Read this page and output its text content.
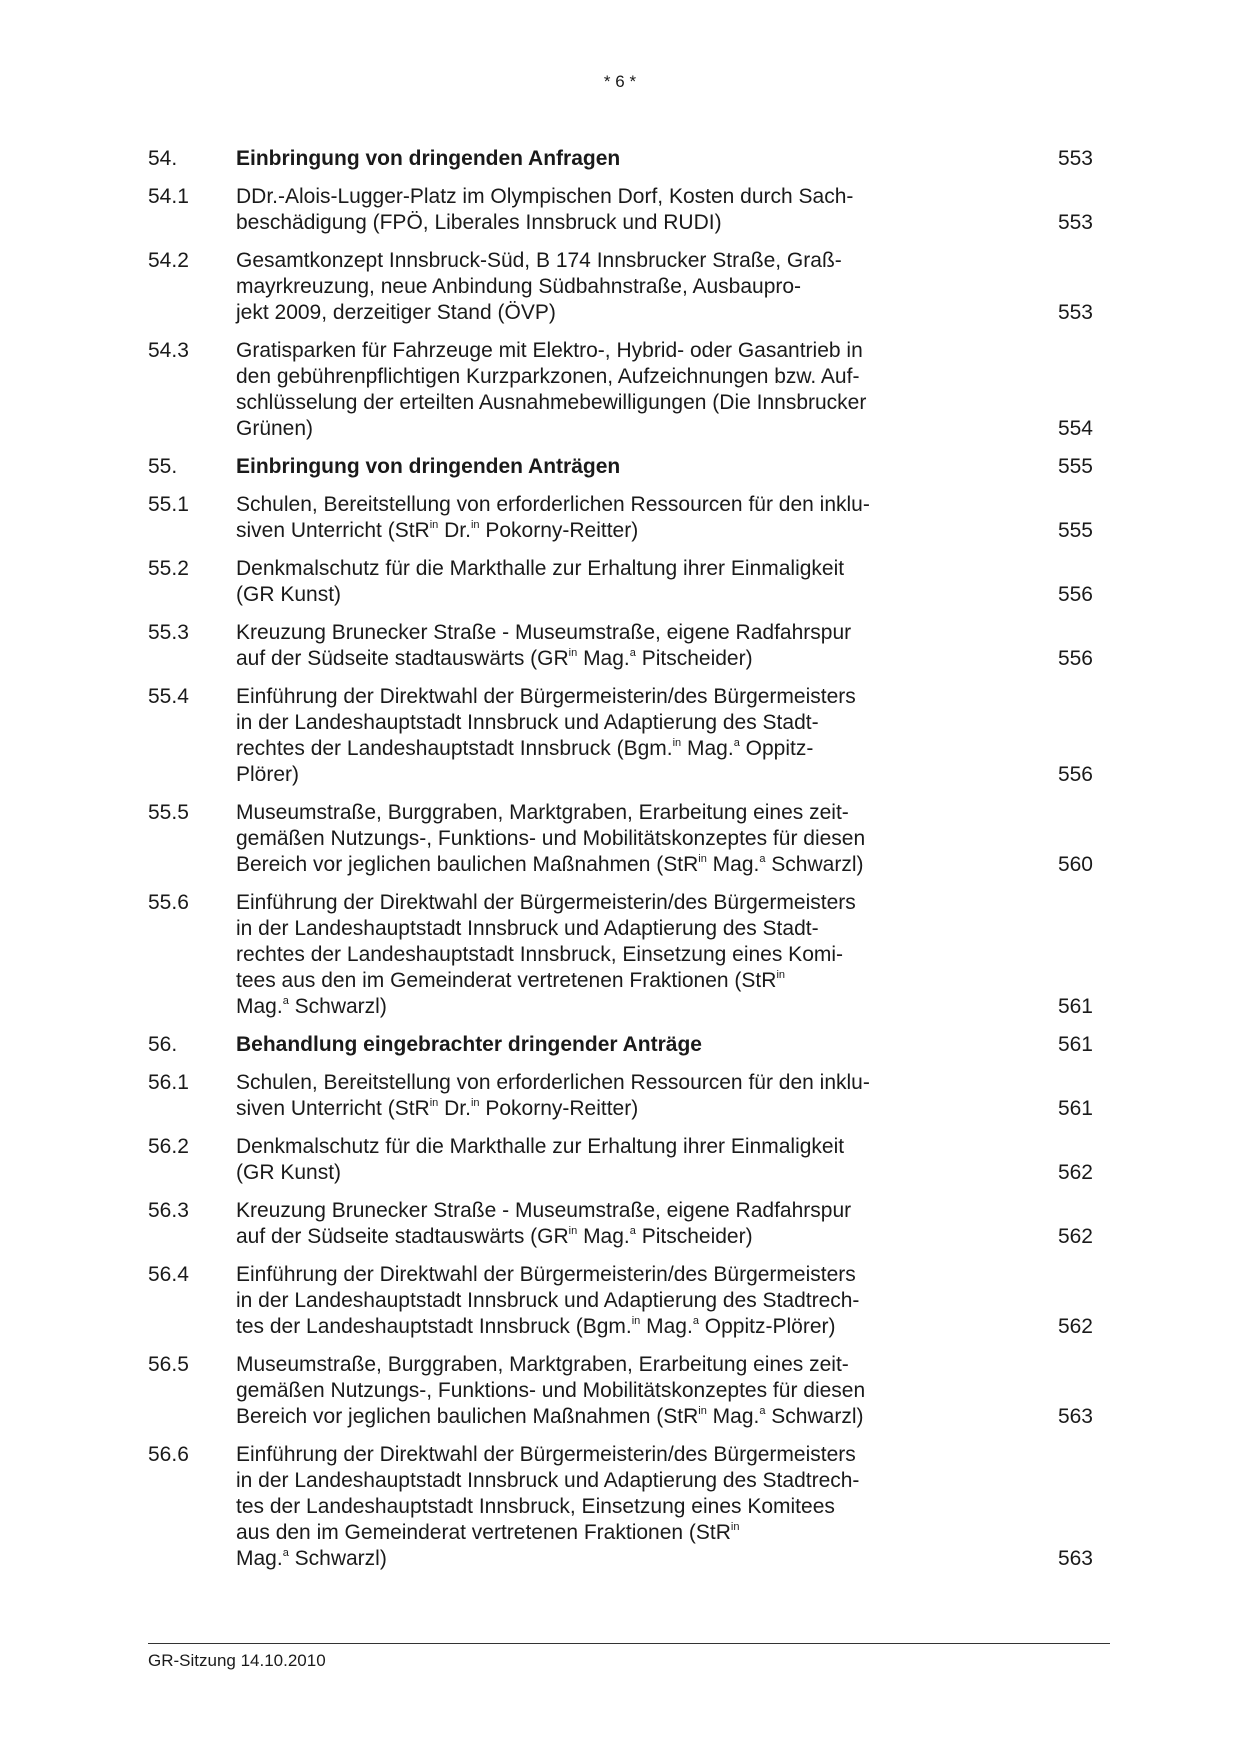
* 6 *
54.	Einbringung von dringenden Anfragen	553
54.1	DDr.-Alois-Lugger-Platz im Olympischen Dorf, Kosten durch Sach-
beschädigung (FPÖ, Liberales Innsbruck und RUDI)	553
54.2	Gesamtkonzept Innsbruck-Süd, B 174 Innsbrucker Straße, Graß-
mayrkreuzung, neue Anbindung Südbahnstraße, Ausbaupro-
jekt 2009, derzeitiger Stand (ÖVP)	553
54.3	Gratisparken für Fahrzeuge mit Elektro-, Hybrid- oder Gasantrieb in
den gebührenpflichtigen Kurzparkzonen, Aufzeichnungen bzw. Auf-
schlüsselung der erteilten Ausnahmebewilligungen (Die Innsbrucker
Grünen)	554
55.	Einbringung von dringenden Anträgen	555
55.1	Schulen, Bereitstellung von erforderlichen Ressourcen für den inklu-
siven Unterricht (StR$^{in}$ Dr.$^{in}$ Pokorny-Reitter)	555
55.2	Denkmalschutz für die Markthalle zur Erhaltung ihrer Einmaligkeit
(GR Kunst)	556
55.3	Kreuzung Brunecker Straße - Museumstraße, eigene Radfahrspur
auf der Südseite stadtauswärts ($GR^{in}$ Mag.$^a$ Pitscheider)	556
55.4	Einführung der Direktwahl der Bürgermeisterin/des Bürgermeisters
in der Landeshauptstadt Innsbruck und Adaptierung des Stadt-
rechtes der Landeshauptstadt Innsbruck (Bgm.$^{in}$ Mag.$^a$ Oppitz-
Plörer)	556
55.5	Museumstraße, Burggraben, Marktgraben, Erarbeitung eines zeit-
gemäßen Nutzungs-, Funktions- und Mobilitätskonzeptes für diesen
Bereich vor jeglichen baulichen Maßnahmen (StR$^{in}$ Mag.$^a$ Schwarzl)	560
55.6	Einführung der Direktwahl der Bürgermeisterin/des Bürgermeisters
in der Landeshauptstadt Innsbruck und Adaptierung des Stadt-
rechtes der Landeshauptstadt Innsbruck, Einsetzung eines Komi-
tees aus den im Gemeinderat vertretenen Fraktionen (StR$^{in}$
Mag.$^a$ Schwarzl)	561
56.	Behandlung eingebrachter dringender Anträge	561
56.1	Schulen, Bereitstellung von erforderlichen Ressourcen für den inklu-
siven Unterricht (StR$^{in}$ Dr.$^{in}$ Pokorny-Reitter)	561
56.2	Denkmalschutz für die Markthalle zur Erhaltung ihrer Einmaligkeit
(GR Kunst)	562
56.3	Kreuzung Brunecker Straße - Museumstraße, eigene Radfahrspur
auf der Südseite stadtauswärts ($GR^{in}$ Mag.$^a$ Pitscheider)	562
56.4	Einführung der Direktwahl der Bürgermeisterin/des Bürgermeisters
in der Landeshauptstadt Innsbruck und Adaptierung des Stadtrech-
tes der Landeshauptstadt Innsbruck (Bgm.$^{in}$ Mag.$^a$ Oppitz-Plörer)	562
56.5	Museumstraße, Burggraben, Marktgraben, Erarbeitung eines zeit-
gemäßen Nutzungs-, Funktions- und Mobilitätskonzeptes für diesen
Bereich vor jeglichen baulichen Maßnahmen (StR$^{in}$ Mag.$^a$ Schwarzl)	563
56.6	Einführung der Direktwahl der Bürgermeisterin/des Bürgermeisters
in der Landeshauptstadt Innsbruck und Adaptierung des Stadtrech-
tes der Landeshauptstadt Innsbruck, Einsetzung eines Komitees
aus den im Gemeinderat vertretenen Fraktionen (StR$^{in}$
Mag.$^a$ Schwarzl)	563
GR-Sitzung 14.10.2010
